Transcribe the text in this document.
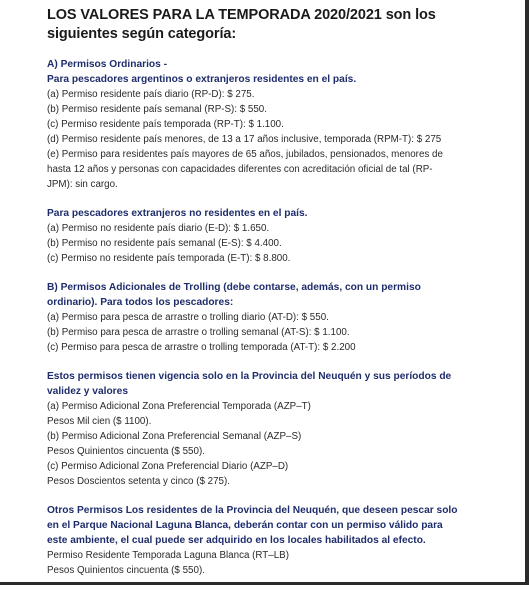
LOS VALORES PARA LA TEMPORADA 2020/2021 son los siguientes según categoría:
A) Permisos Ordinarios -
Para pescadores argentinos o extranjeros residentes en el país.
(a) Permiso residente país diario (RP-D): $ 275.
(b) Permiso residente país semanal (RP-S): $ 550.
(c) Permiso residente país temporada (RP-T): $ 1.100.
(d) Permiso residente país menores, de 13 a 17 años inclusive, temporada (RPM-T): $ 275
(e) Permiso para residentes país mayores de 65 años, jubilados, pensionados, menores de
hasta 12 años y personas con capacidades diferentes con acreditación oficial de tal (RP-
JPM): sin cargo.
Para pescadores extranjeros no residentes en el país.
(a) Permiso no residente país diario (E-D): $ 1.650.
(b) Permiso no residente país semanal (E-S): $ 4.400.
(c) Permiso no residente país temporada (E-T): $ 8.800.
B) Permisos Adicionales de Trolling (debe contarse, además, con un permiso
ordinario). Para todos los pescadores:
(a) Permiso para pesca de arrastre o trolling diario (AT-D): $ 550.
(b) Permiso para pesca de arrastre o trolling semanal (AT-S): $ 1.100.
(c) Permiso para pesca de arrastre o trolling temporada (AT-T): $ 2.200
Estos permisos tienen vigencia solo en la Provincia del Neuquén y sus períodos de
validez y valores
(a) Permiso Adicional Zona Preferencial Temporada (AZP–T)
Pesos Mil cien ($ 1100).
(b) Permiso Adicional Zona Preferencial Semanal (AZP–S)
Pesos Quinientos cincuenta ($ 550).
(c) Permiso Adicional Zona Preferencial Diario (AZP–D)
Pesos Doscientos setenta y cinco ($ 275).
Otros Permisos Los residentes de la Provincia del Neuquén, que deseen pescar solo
en el Parque Nacional Laguna Blanca, deberán contar con un permiso válido para
este ambiente, el cual puede ser adquirido en los locales habilitados al efecto.
Permiso Residente Temporada Laguna Blanca (RT–LB)
Pesos Quinientos cincuenta ($ 550).
